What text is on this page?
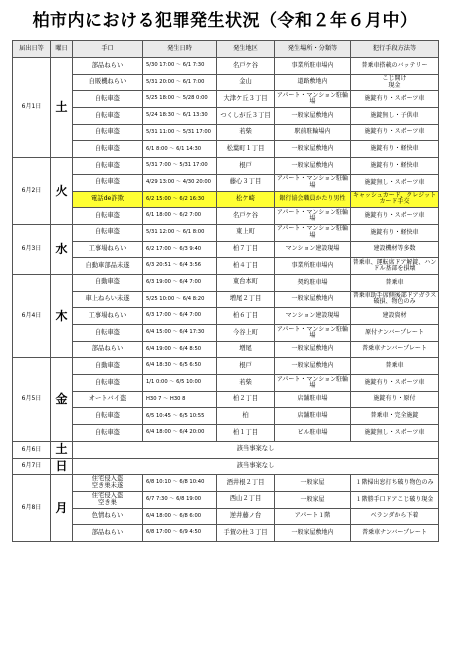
柏市内における犯罪発生状況（令和２年６月中）
届出日等	曜日	手口	発生日時	発生地区	発生場所・分類等	犯行手段方法等
6月1日	土	部品ねらい	5/30 17:00 ～ 6/1 7:30	名戸ケ谷	事業所駐車場内	普乗車搭載のバッテリー
		自販機ねらい	5/31 20:00 ～ 6/1 7:00	金山	道路敷地内	こじ開け
現金
		自転車盗	5/25 18:00 ～ 5/28 0:00	大津ケ丘３丁目	アパート・マンション駐輪場	施錠有り・スポーツ車
		自転車盗	5/24 18:30 ～ 6/1 13:30	つくしが丘３丁目	一般家屋敷地内	施錠無し・子供車
		自転車盗	5/31 11:00 ～ 5/31 17:00	若柴	駅前駐輪場内	施錠有り・スポーツ車
		自転車盗	6/1 8:00 ～ 6/1 14:30	松葉町１丁目	一般家屋敷地内	施錠有り・軽快車
6月2日	火	自転車盗	5/31 7:00 ～ 5/31 17:00	根戸	一般家屋敷地内	施錠有り・軽快車
		自転車盗	4/29 13:00 ～ 4/30 20:00	藤心３丁目	アパート・マンション駐輪場	施錠無し・スポーツ車
		電話de詐欺	6/2 15:00 ～ 6/2 16:30	松ケ崎	銀行協会職員かたり男性	キャッシュカード、クレジットカード手交
		自転車盗	6/1 18:00 ～ 6/2 7:00	名戸ケ谷	アパート・マンション駐輪場	施錠有り・スポーツ車
6月3日	水	自転車盗	5/31 12:00 ～ 6/1 8:00	東上町	アパート・マンション駐輪場	施錠有り・軽快車
		工事場ねらい	6/2 17:00 ～ 6/3 9:40	柏７丁目	マンション建設現場	建設機材等多数
		自動車部品未遂	6/3 20:51 ～ 6/4 3:56	柏４丁目	事業所駐車場内	普乗車、運転席ドア解錠、ハンドル基部を損壊
6月4日	木	自動車盗	6/3 19:00 ～ 6/4 7:00	東台本町	契約駐車場	普乗車
		車上ねらい未遂	5/25 10:00 ～ 6/4 8:20	増尾２丁目	一般家屋敷地内	普乗車助手席側後部ドアガラス破損、物色のみ
		工事場ねらい	6/3 17:00 ～ 6/4 7:00	柏６丁目	マンション建設現場	建設資材
		自転車盗	6/4 15:00 ～ 6/4 17:30	今谷上町	アパート・マンション駐輪場	原付ナンバープレート
		部品ねらい	6/4 19:00 ～ 6/4 8:50	増尾	一般家屋敷地内	普乗車ナンバープレート
6月5日	金	自動車盗	6/4 18:30 ～ 6/5 6:50	根戸	一般家屋敷地内	普乗車
		自転車盗	1/1 0:00 ～ 6/5 10:00	若柴	アパート・マンション駐輪場	施錠有り・スポーツ車
		オートバイ盗	H30 7 ～ H30 8	柏２丁目	店舗駐車場	施錠有り・原付
		自転車盗	6/5 10:45 ～ 6/5 10:55	柏	店舗駐車場	普乗車・完全施錠
		自転車盗	6/4 18:00 ～ 6/4 20:00	柏１丁目	ビル駐車場	施錠無し・スポーツ車
6月6日	土	該当事案なし				
6月7日	日	該当事案なし				
6月8日	月	住宅侵入盗
空き巣未遂	6/8 10:10 ～ 6/8 10:40	酒井根２丁目	一般家屋	１階掃出窓打ち破り物色のみ
		住宅侵入盗
空き巣	6/7 7:30 ～ 6/8 19:00	西山２丁目	一般家屋	１階勝手口ドアこじ破り現金
		色情ねらい	6/4 18:00 ～ 6/8 6:00	逆井藤ノ台	アパート１階	ベランダから下着
		部品ねらい	6/8 17:00 ～ 6/9 4:50	手賀の杜３丁目	一般家屋敷地内	普乗車ナンバープレート
